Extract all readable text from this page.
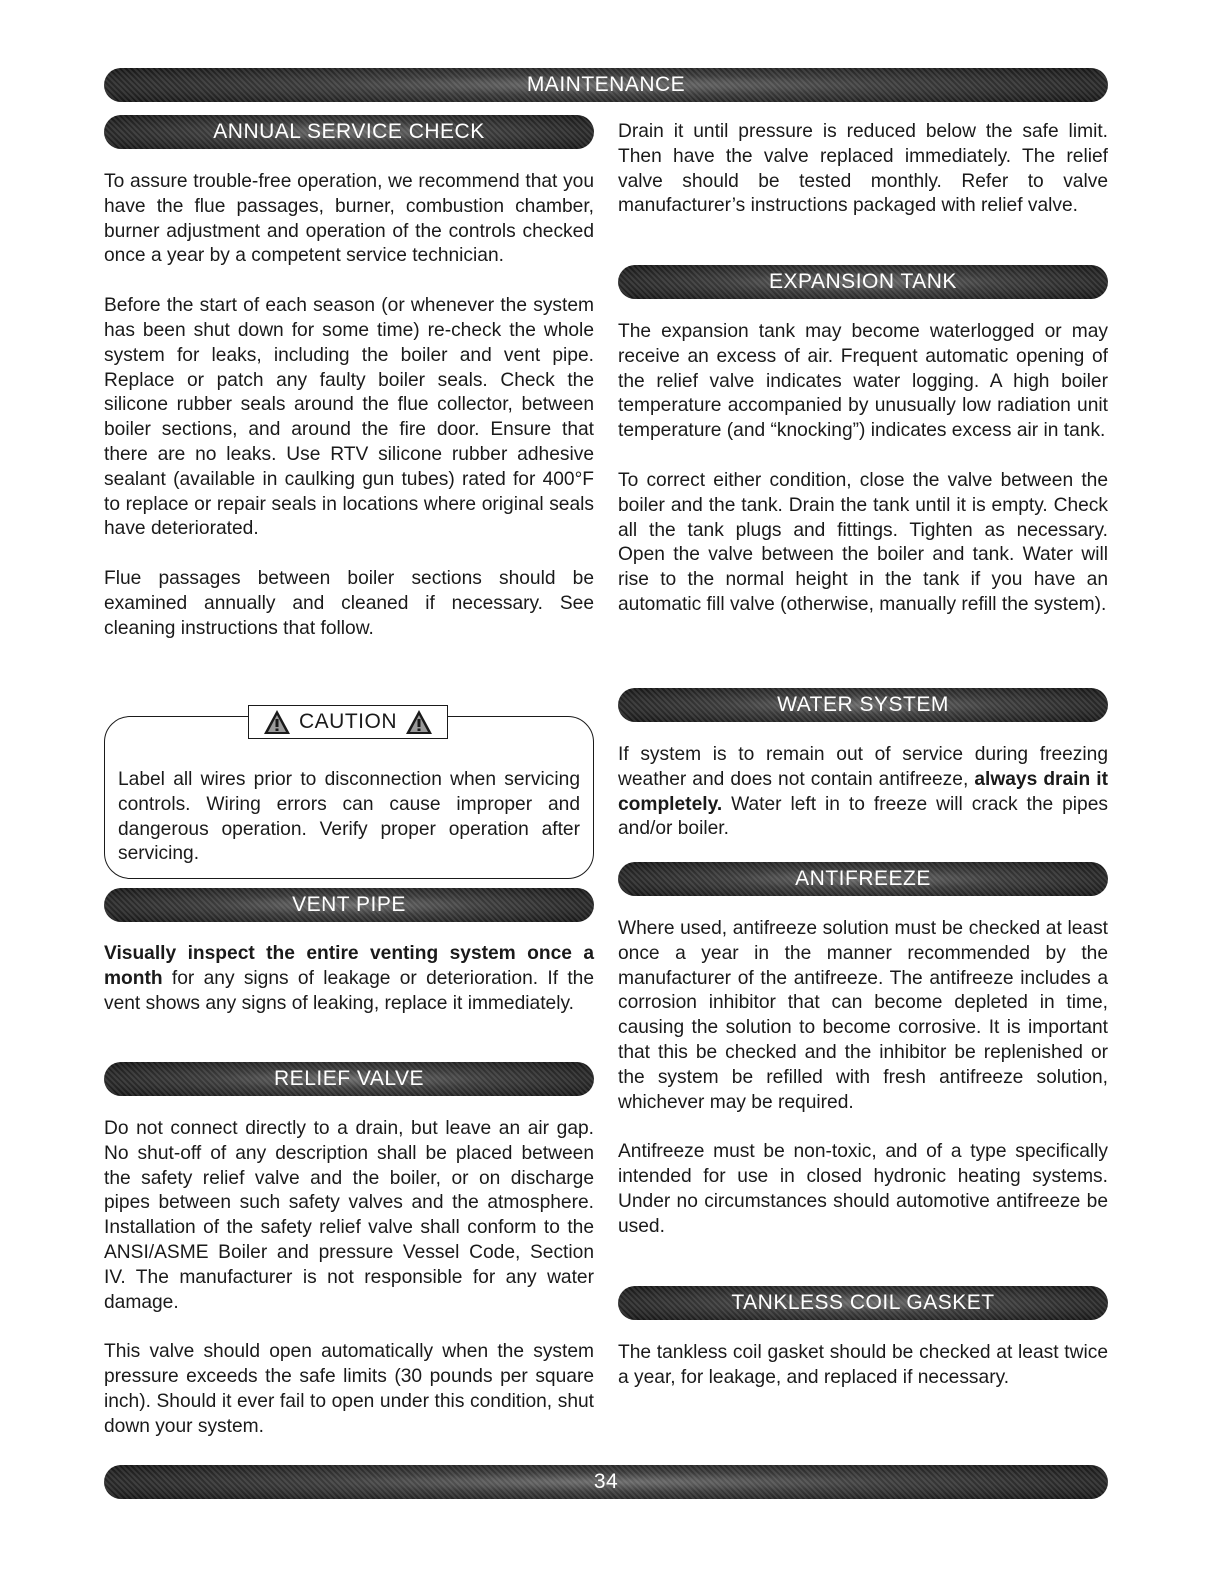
MAINTENANCE
ANNUAL SERVICE CHECK

To assure trouble-free operation, we recommend that you have the flue passages, burner, combustion chamber, burner adjustment and operation of the controls checked once a year by a competent service technician.

Before the start of each season (or whenever the system has been shut down for some time) re-check the whole system for leaks, including the boiler and vent pipe. Replace or patch any faulty boiler seals. Check the silicone rubber seals around the flue collector, between boiler sections, and around the fire door. Ensure that there are no leaks. Use RTV silicone rubber adhesive sealant (available in caulking gun tubes) rated for 400°F to replace or repair seals in locations where original seals have deteriorated.

Flue passages between boiler sections should be examined annually and cleaned if necessary. See cleaning instructions that follow.

CAUTION
Label all wires prior to disconnection when servicing controls. Wiring errors can cause improper and dangerous operation. Verify proper operation after servicing.
VENT PIPE

Visually inspect the entire venting system once a month for any signs of leakage or deterioration. If the vent shows any signs of leaking, replace it immediately.

RELIEF VALVE

Do not connect directly to a drain, but leave an air gap. No shut-off of any description shall be placed between the safety relief valve and the boiler, or on discharge pipes between such safety valves and the atmosphere. Installation of the safety relief valve shall conform to the ANSI/ASME Boiler and pressure Vessel Code, Section IV. The manufacturer is not responsible for any water damage.

This valve should open automatically when the system pressure exceeds the safe limits (30 pounds per square inch). Should it ever fail to open under this condition, shut down your system.

Drain it until pressure is reduced below the safe limit. Then have the valve replaced immediately. The relief valve should be tested monthly. Refer to valve manufacturer’s instructions packaged with relief valve.

EXPANSION TANK

The expansion tank may become waterlogged or may receive an excess of air. Frequent automatic opening of the relief valve indicates water logging. A high boiler temperature accompanied by unusually low radiation unit temperature (and “knocking”) indicates excess air in tank.

To correct either condition, close the valve between the boiler and the tank. Drain the tank until it is empty. Check all the tank plugs and fittings. Tighten as necessary. Open the valve between the boiler and tank. Water will rise to the normal height in the tank if you have an automatic fill valve (otherwise, manually refill the system).

WATER SYSTEM

If system is to remain out of service during freezing weather and does not contain antifreeze, always drain it completely. Water left in to freeze will crack the pipes and/or boiler.

ANTIFREEZE

Where used, antifreeze solution must be checked at least once a year in the manner recommended by the manufacturer of the antifreeze. The antifreeze includes a corrosion inhibitor that can become depleted in time, causing the solution to become corrosive. It is important that this be checked and the inhibitor be replenished or the system be refilled with fresh antifreeze solution, whichever may be required.

Antifreeze must be non-toxic, and of a type specifically intended for use in closed hydronic heating systems. Under no circumstances should automotive antifreeze be used.

TANKLESS COIL GASKET

The tankless coil gasket should be checked at least twice a year, for leakage, and replaced if necessary.

34
